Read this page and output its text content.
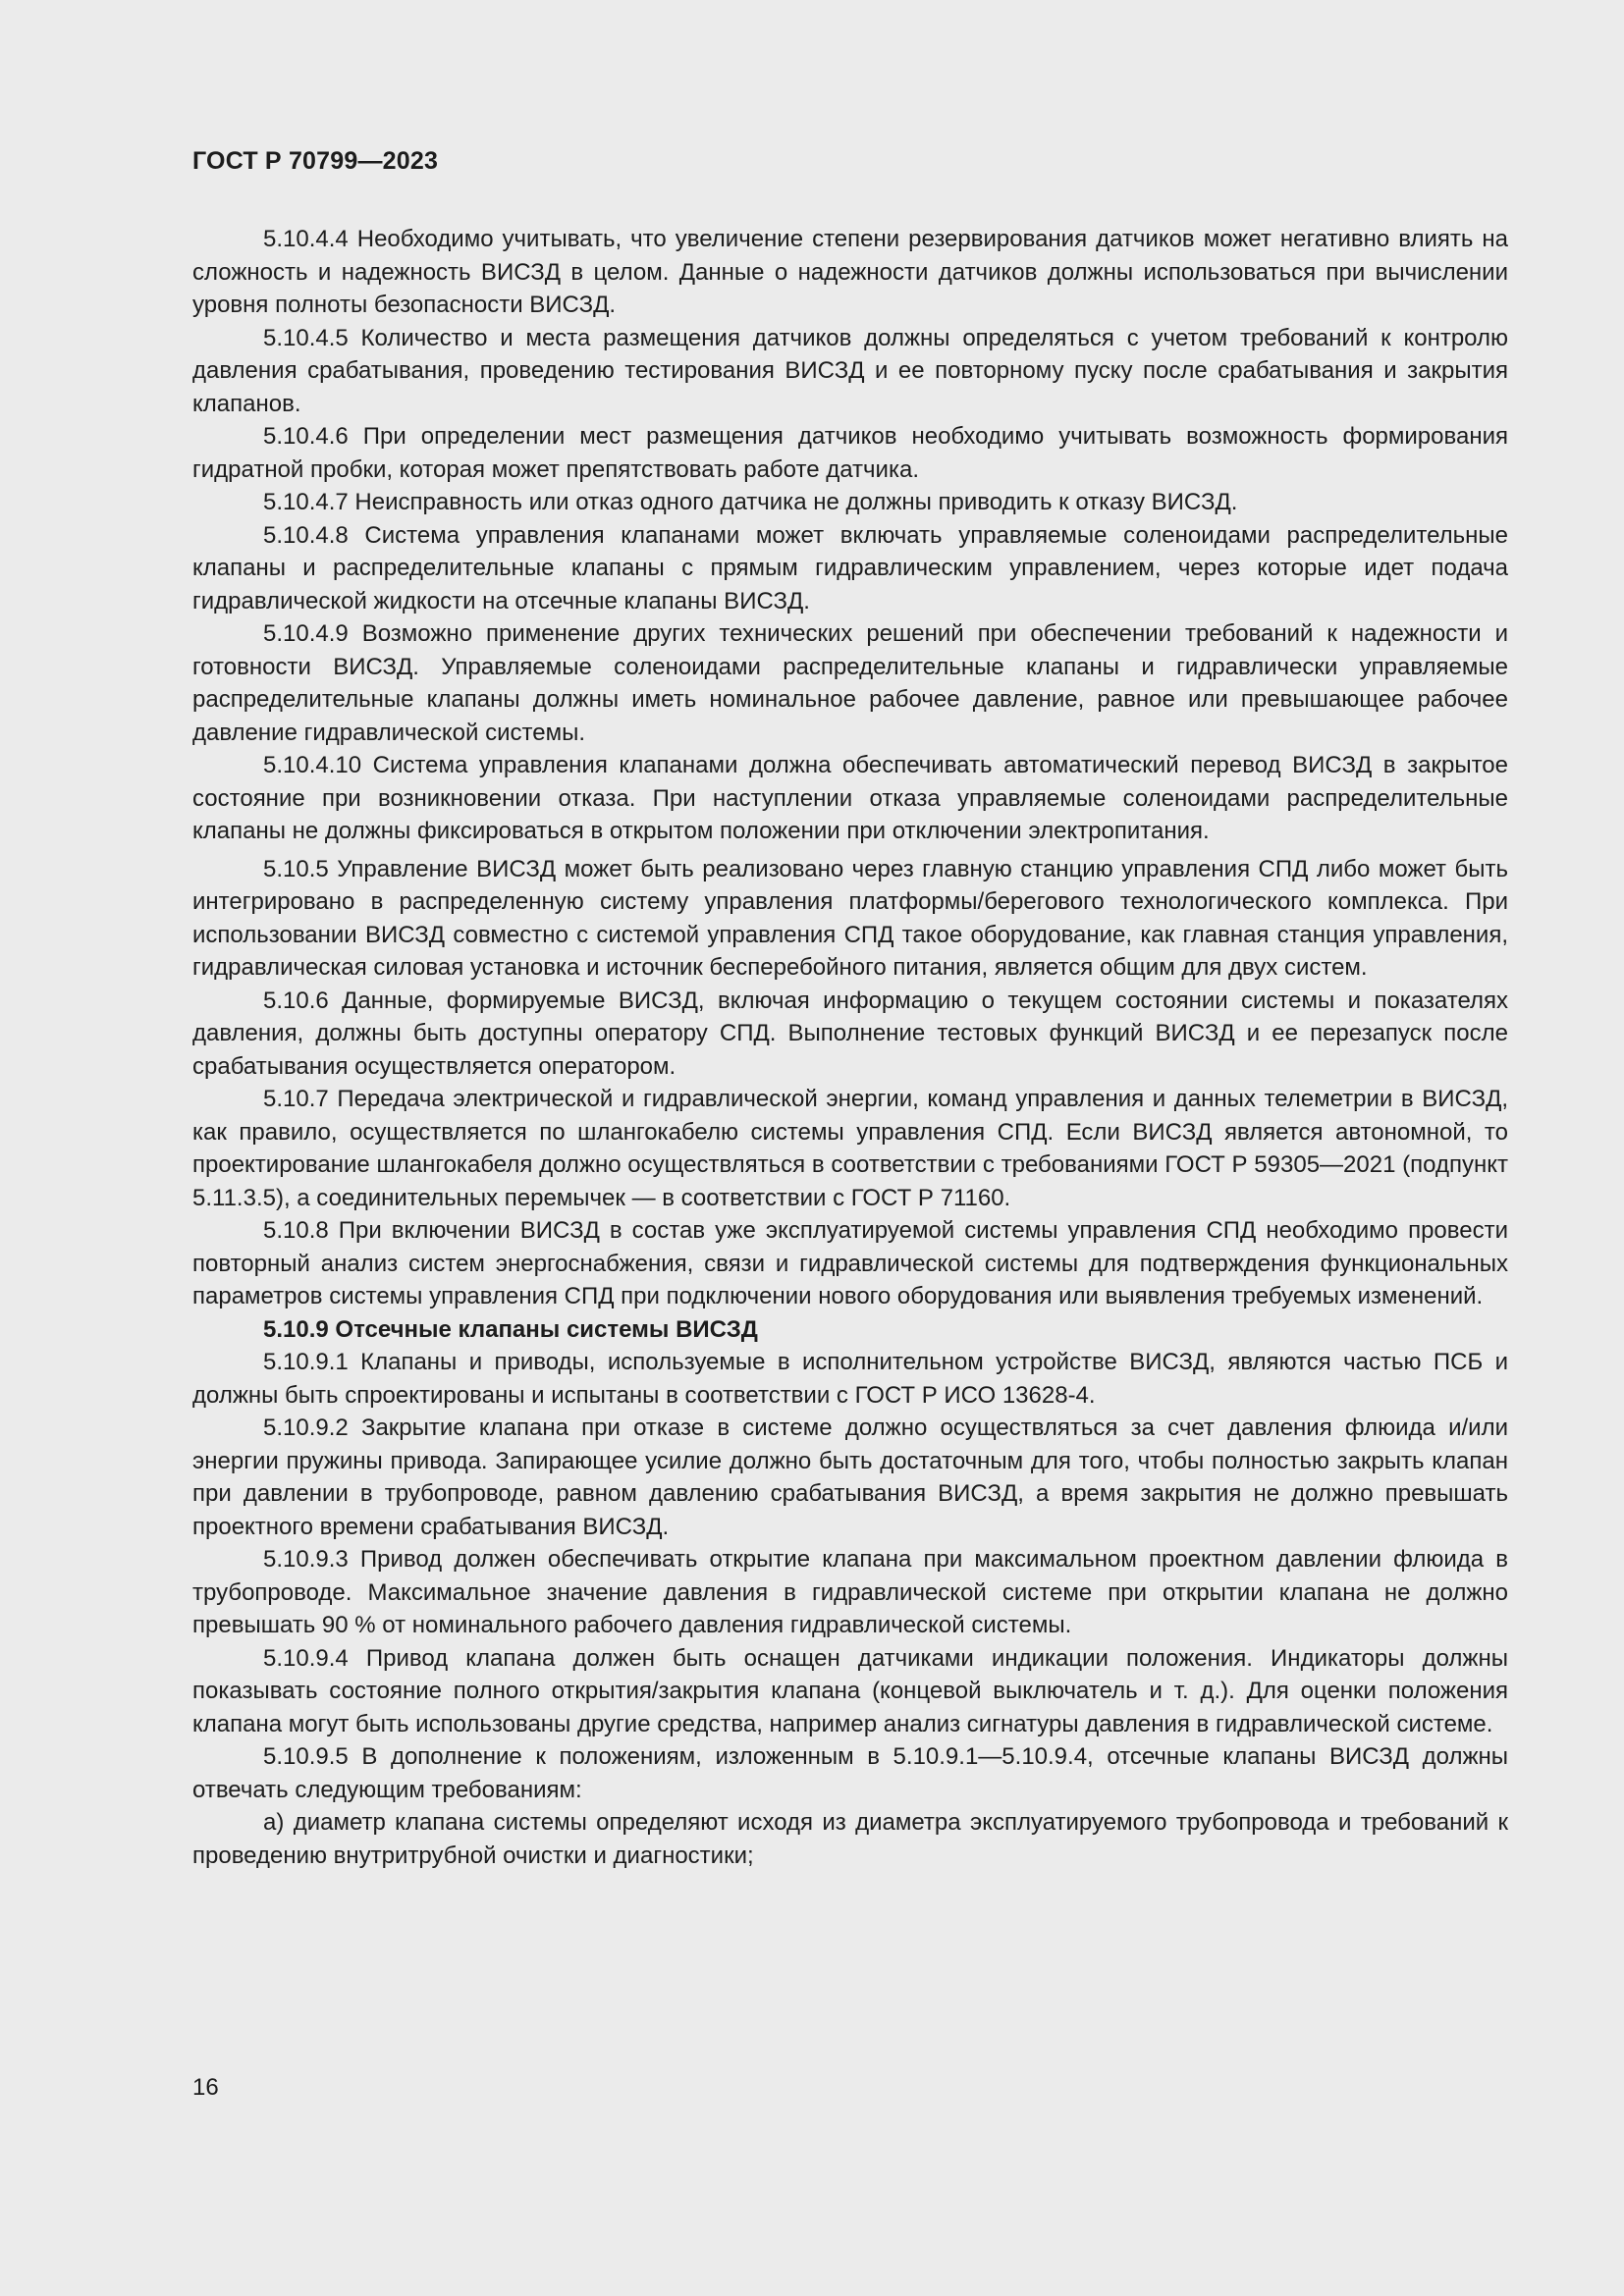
ГОСТ Р 70799—2023

5.10.4.4 Необходимо учитывать, что увеличение степени резервирования датчиков может негативно влиять на сложность и надежность ВИСЗД в целом. Данные о надежности датчиков должны использоваться при вычислении уровня полноты безопасности ВИСЗД.

5.10.4.5 Количество и места размещения датчиков должны определяться с учетом требований к контролю давления срабатывания, проведению тестирования ВИСЗД и ее повторному пуску после срабатывания и закрытия клапанов.

5.10.4.6 При определении мест размещения датчиков необходимо учитывать возможность формирования гидратной пробки, которая может препятствовать работе датчика.

5.10.4.7 Неисправность или отказ одного датчика не должны приводить к отказу ВИСЗД.

5.10.4.8 Система управления клапанами может включать управляемые соленоидами распределительные клапаны и распределительные клапаны с прямым гидравлическим управлением, через которые идет подача гидравлической жидкости на отсечные клапаны ВИСЗД.

5.10.4.9 Возможно применение других технических решений при обеспечении требований к надежности и готовности ВИСЗД. Управляемые соленоидами распределительные клапаны и гидравлически управляемые распределительные клапаны должны иметь номинальное рабочее давление, равное или превышающее рабочее давление гидравлической системы.

5.10.4.10 Система управления клапанами должна обеспечивать автоматический перевод ВИСЗД в закрытое состояние при возникновении отказа. При наступлении отказа управляемые соленоидами распределительные клапаны не должны фиксироваться в открытом положении при отключении электропитания.

5.10.5 Управление ВИСЗД может быть реализовано через главную станцию управления СПД либо может быть интегрировано в распределенную систему управления платформы/берегового технологического комплекса. При использовании ВИСЗД совместно с системой управления СПД такое оборудование, как главная станция управления, гидравлическая силовая установка и источник бесперебойного питания, является общим для двух систем.

5.10.6 Данные, формируемые ВИСЗД, включая информацию о текущем состоянии системы и показателях давления, должны быть доступны оператору СПД. Выполнение тестовых функций ВИСЗД и ее перезапуск после срабатывания осуществляется оператором.

5.10.7 Передача электрической и гидравлической энергии, команд управления и данных телеметрии в ВИСЗД, как правило, осуществляется по шлангокабелю системы управления СПД. Если ВИСЗД является автономной, то проектирование шлангокабеля должно осуществляться в соответствии с требованиями ГОСТ Р 59305—2021 (подпункт 5.11.3.5), а соединительных перемычек — в соответствии с ГОСТ Р 71160.

5.10.8 При включении ВИСЗД в состав уже эксплуатируемой системы управления СПД необходимо провести повторный анализ систем энергоснабжения, связи и гидравлической системы для подтверждения функциональных параметров системы управления СПД при подключении нового оборудования или выявления требуемых изменений.

5.10.9 Отсечные клапаны системы ВИСЗД

5.10.9.1 Клапаны и приводы, используемые в исполнительном устройстве ВИСЗД, являются частью ПСБ и должны быть спроектированы и испытаны в соответствии с ГОСТ Р ИСО 13628-4.

5.10.9.2 Закрытие клапана при отказе в системе должно осуществляться за счет давления флюида и/или энергии пружины привода. Запирающее усилие должно быть достаточным для того, чтобы полностью закрыть клапан при давлении в трубопроводе, равном давлению срабатывания ВИСЗД, а время закрытия не должно превышать проектного времени срабатывания ВИСЗД.

5.10.9.3 Привод должен обеспечивать открытие клапана при максимальном проектном давлении флюида в трубопроводе. Максимальное значение давления в гидравлической системе при открытии клапана не должно превышать 90 % от номинального рабочего давления гидравлической системы.

5.10.9.4 Привод клапана должен быть оснащен датчиками индикации положения. Индикаторы должны показывать состояние полного открытия/закрытия клапана (концевой выключатель и т. д.). Для оценки положения клапана могут быть использованы другие средства, например анализ сигнатуры давления в гидравлической системе.

5.10.9.5 В дополнение к положениям, изложенным в 5.10.9.1—5.10.9.4, отсечные клапаны ВИСЗД должны отвечать следующим требованиям:

а) диаметр клапана системы определяют исходя из диаметра эксплуатируемого трубопровода и требований к проведению внутритрубной очистки и диагностики;

16
